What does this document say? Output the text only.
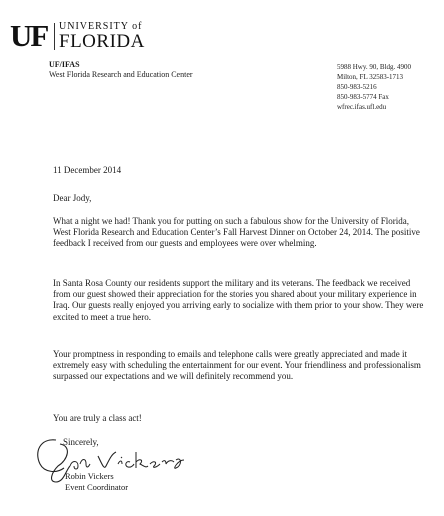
UF UNIVERSITY of
FLORIDA
UF/IFAS
West Florida Research and Education Center
5988 Hwy. 90, Bldg. 4900
Milton, FL 32583-1713
850-983-5216
850-983-5774 Fax
wfrec.ifas.ufl.edu
11 December 2014
Dear Jody,

What a night we had! Thank you for putting on such a fabulous show for the University of Florida, West Florida Research and Education Center’s Fall Harvest Dinner on October 24, 2014. The positive feedback I received from our guests and employees were over whelming.

In Santa Rosa County our residents support the military and its veterans. The feedback we received from our guest showed their appreciation for the stories you shared about your military experience in Iraq. Our guests really enjoyed you arriving early to socialize with them prior to your show. They were excited to meet a true hero.

Your promptness in responding to emails and telephone calls were greatly appreciated and made it extremely easy with scheduling the entertainment for our event. Your friendliness and professionalism surpassed our expectations and we will definitely recommend you.

You are truly a class act!
Sincerely,
Robin Vickers
Event Coordinator
